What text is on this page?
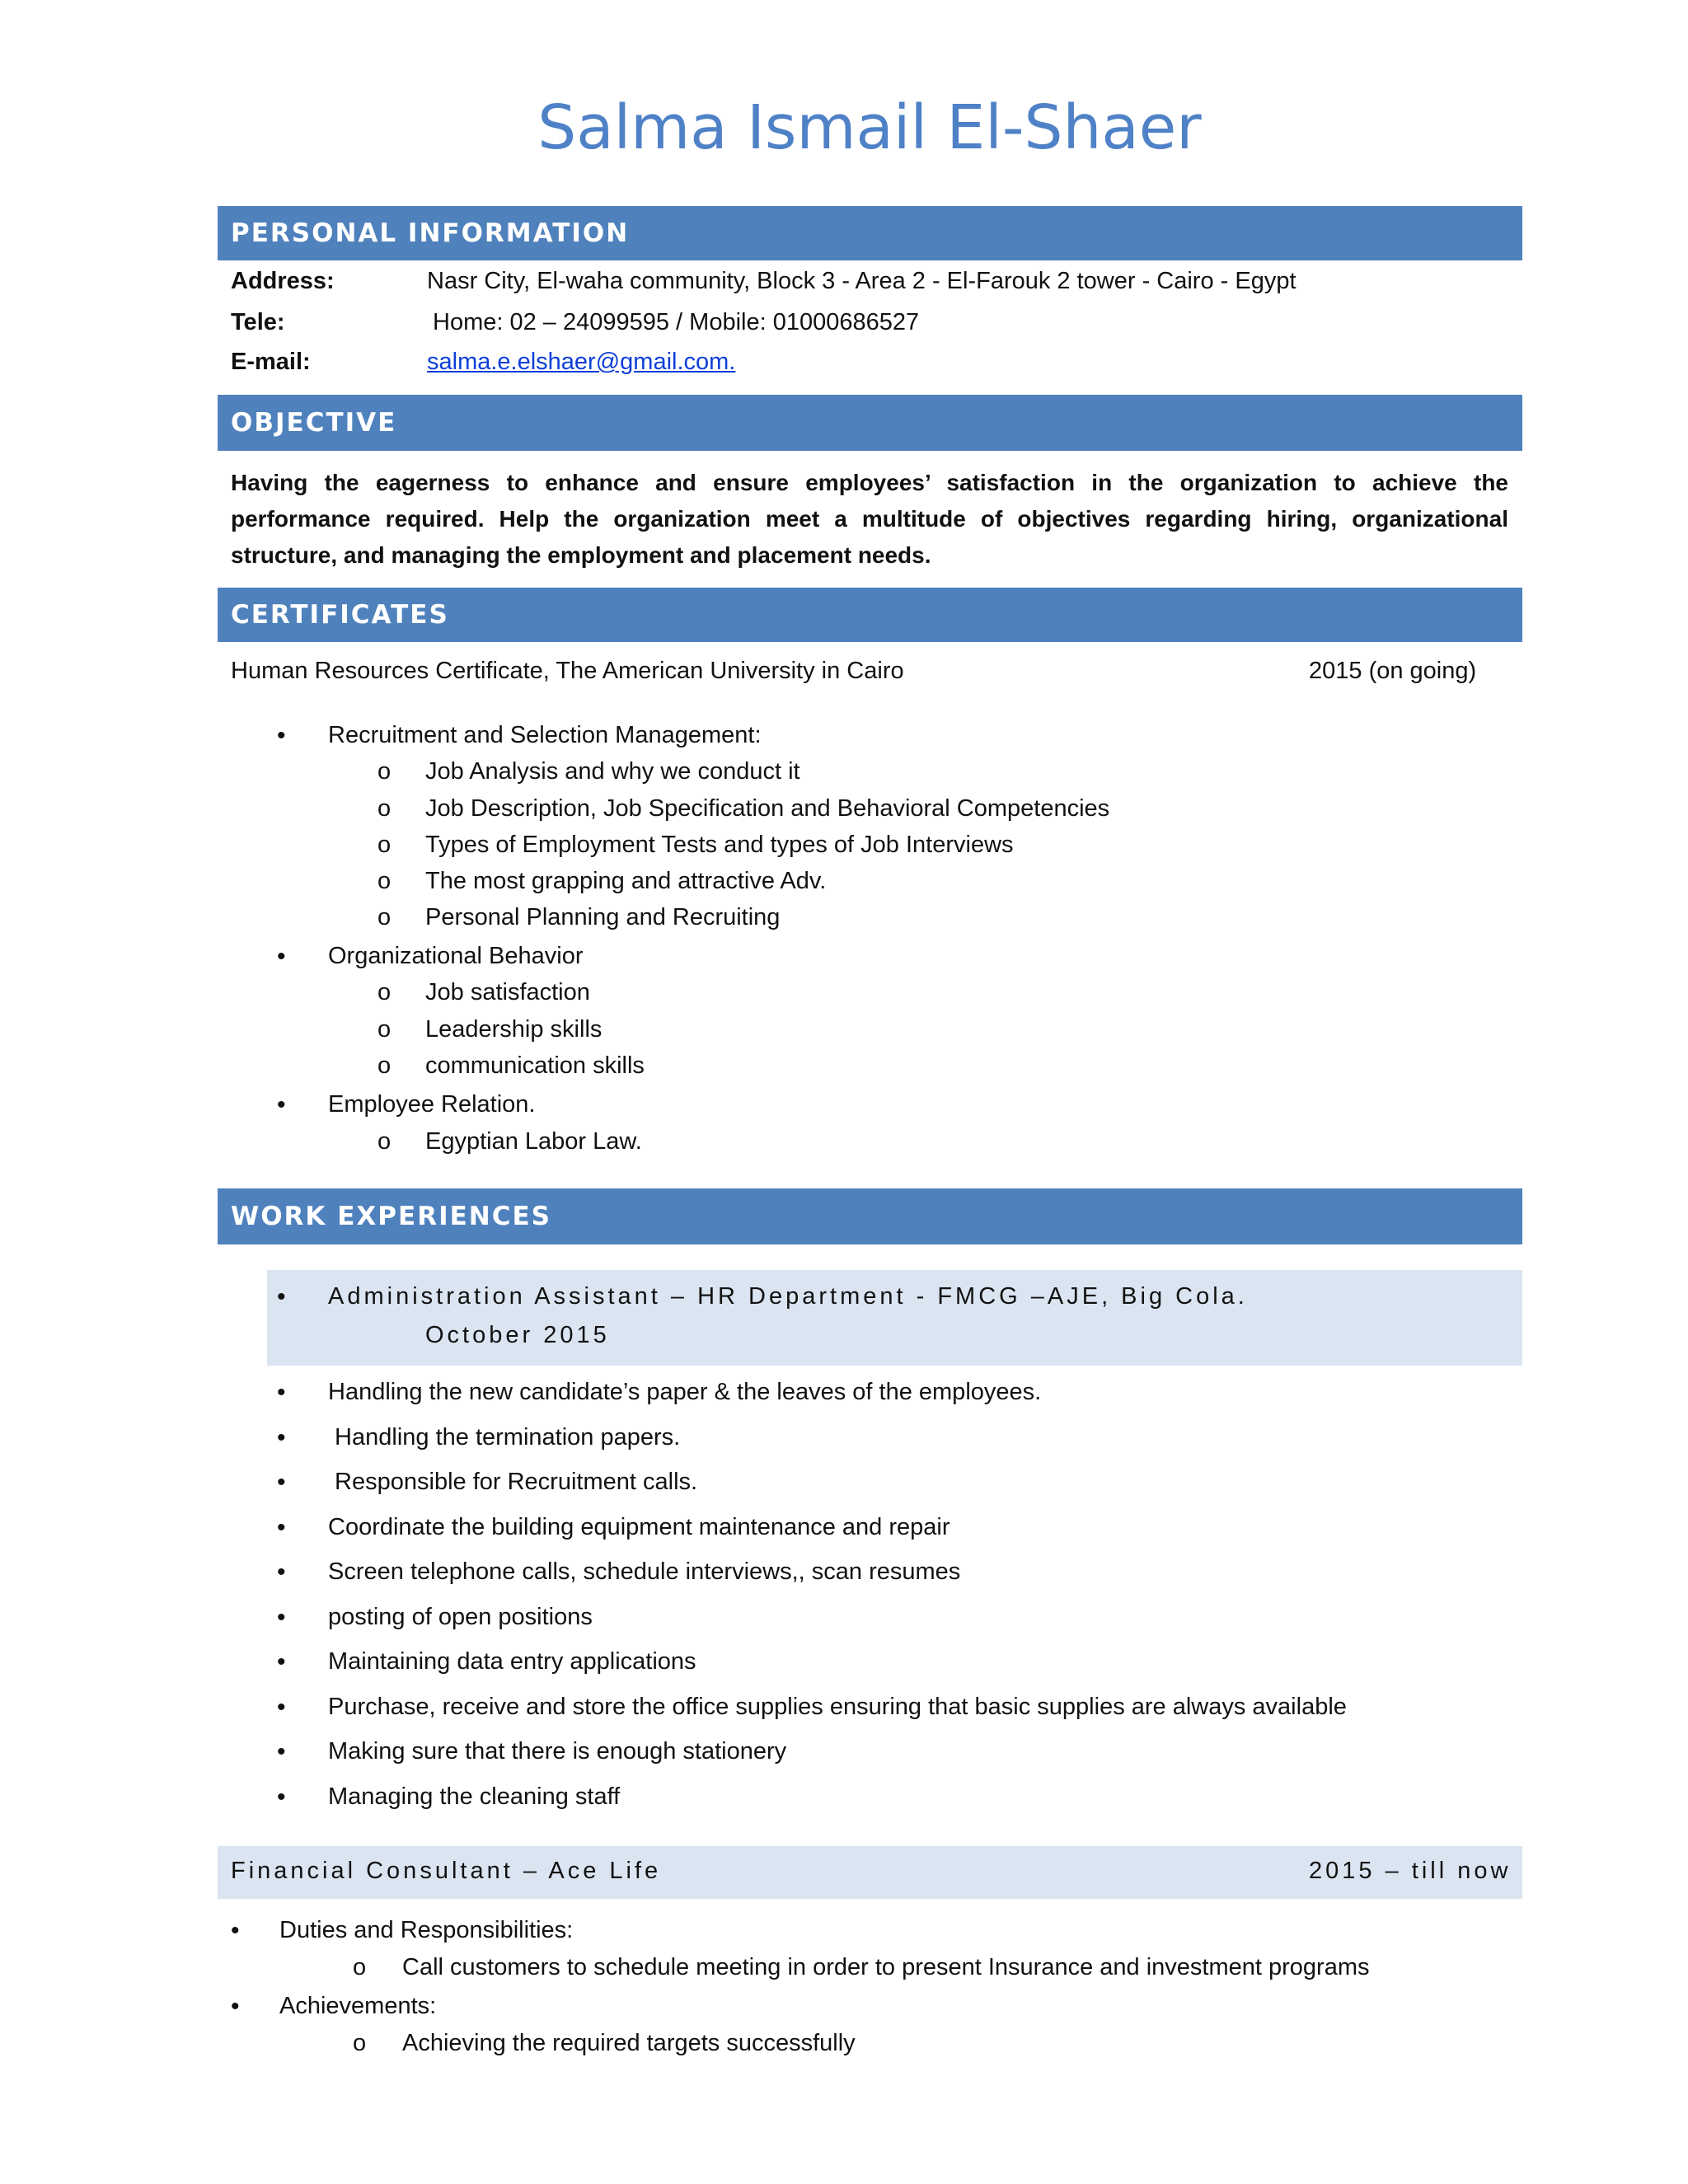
Salma Ismail El-Shaer
PERSONAL INFORMATION
Address:	Nasr City, El-waha community, Block 3 - Area 2 - El-Farouk 2 tower - Cairo - Egypt
Tele:	Home: 02 – 24099595 / Mobile: 01000686527
E-mail:	salma.e.elshaer@gmail.com.
OBJECTIVE
Having the eagerness to enhance and ensure employees’ satisfaction in the organization to achieve the
performance required. Help the organization meet a multitude of objectives regarding hiring, organizational
structure, and managing the employment and placement needs.
CERTIFICATES
Human Resources Certificate, The American University in Cairo	2015 (on going)
• Recruitment and Selection Management:
o Job Analysis and why we conduct it
o Job Description, Job Specification and Behavioral Competencies
o Types of Employment Tests and types of Job Interviews
o The most grapping and attractive Adv.
o Personal Planning and Recruiting
• Organizational Behavior
o Job satisfaction
o Leadership skills
o communication skills
• Employee Relation.
o Egyptian Labor Law.
WORK EXPERIENCES
• Administration Assistant – HR Department - FMCG –AJE, Big Cola.
October 2015
• Handling the new candidate’s paper & the leaves of the employees.
• Handling the termination papers.
• Responsible for Recruitment calls.
• Coordinate the building equipment maintenance and repair
• Screen telephone calls, schedule interviews,, scan resumes
• posting of open positions
• Maintaining data entry applications
• Purchase, receive and store the office supplies ensuring that basic supplies are always available
• Making sure that there is enough stationery
• Managing the cleaning staff
Financial Consultant – Ace Life	2015 – till now
• Duties and Responsibilities:
o Call customers to schedule meeting in order to present Insurance and investment programs
• Achievements:
o Achieving the required targets successfully
